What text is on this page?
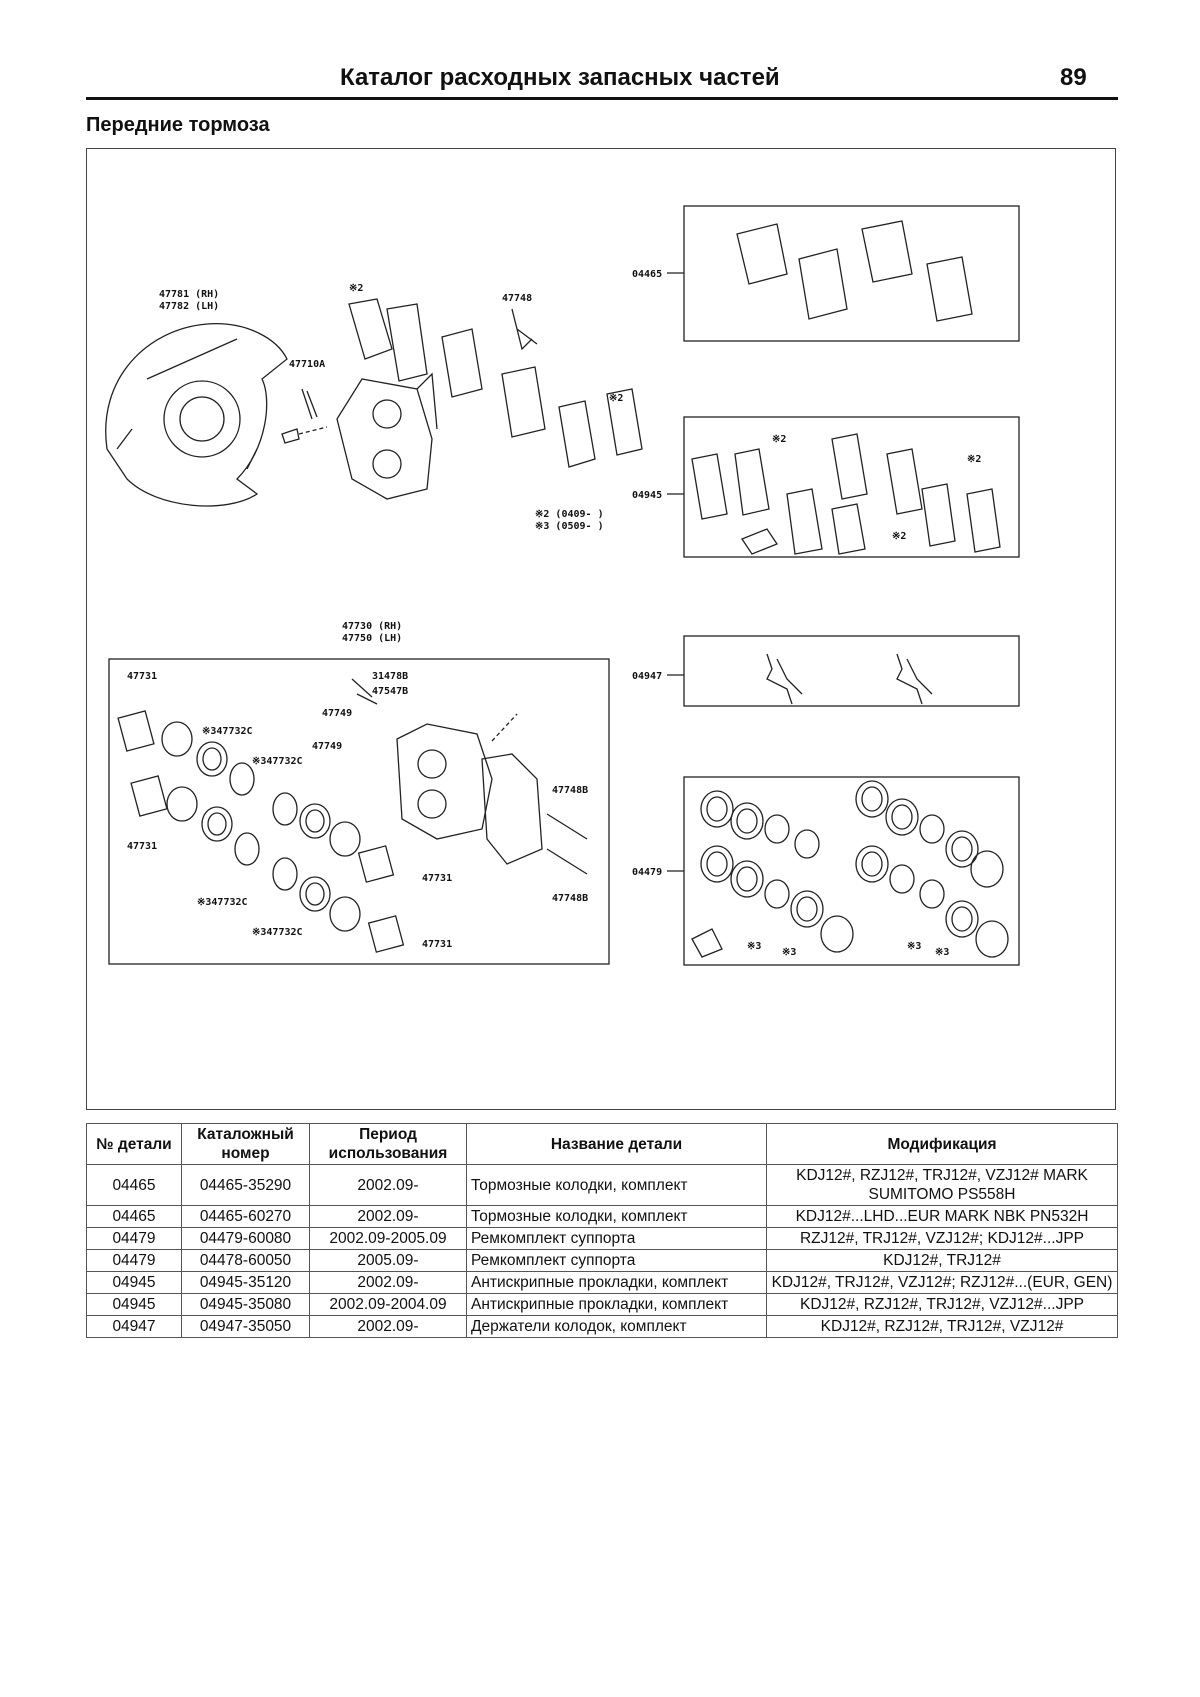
Каталог расходных запасных частей	89
Передние тормоза
47781 (RH)
47782 (LH)
47710A
※2
47748
※2
※2 (0409- )
※3 (0509- )
47730 (RH)
47750 (LH)
47731
47731
47731
47731
※347732C
※347732C
※347732C
※347732C
31478B
47547B
47749
47749
47748B
47748B
04465
04945
04947
04479
※2
※2
※2
※3
※3
※3
※3
№ детали	Каталожный номер	Период использования	Название детали	Модификация
04465	04465-35290	2002.09-	Тормозные колодки, комплект	KDJ12#, RZJ12#, TRJ12#, VZJ12# MARK SUMITOMO PS558H
04465	04465-60270	2002.09-	Тормозные колодки, комплект	KDJ12#...LHD...EUR MARK NBK PN532H
04479	04479-60080	2002.09-2005.09	Ремкомплект суппорта	RZJ12#, TRJ12#, VZJ12#; KDJ12#...JPP
04479	04478-60050	2005.09-	Ремкомплект суппорта	KDJ12#, TRJ12#
04945	04945-35120	2002.09-	Антискрипные прокладки, комплект	KDJ12#, TRJ12#, VZJ12#; RZJ12#...(EUR, GEN)
04945	04945-35080	2002.09-2004.09	Антискрипные прокладки, комплект	KDJ12#, RZJ12#, TRJ12#, VZJ12#...JPP
04947	04947-35050	2002.09-	Держатели колодок, комплект	KDJ12#, RZJ12#, TRJ12#, VZJ12#
